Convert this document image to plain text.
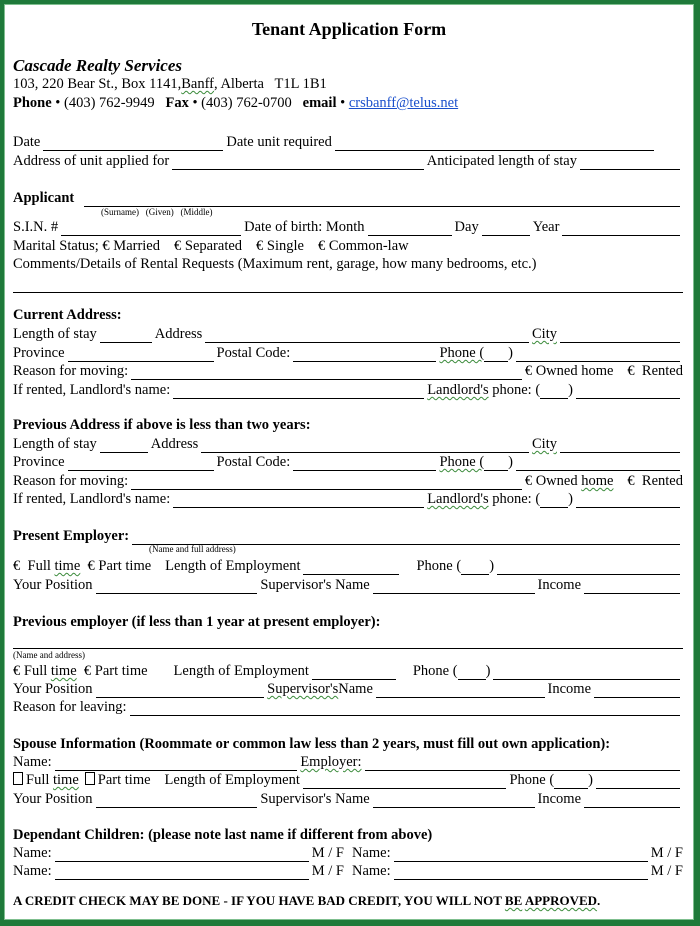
Tenant Application Form
Cascade Realty Services
103, 220 Bear St., Box 1141, Banff , Alberta   T1L 1B1
Phone • (403) 762-9949 Fax • (403) 762-0700 email • crsbanff@telus.net
Date	Date unit required
Address of unit applied for	Anticipated length of stay
Applicant
(Surname)   (Given)   (Middle)
S.I.N. #	Date of birth: Month	Day	Year
Marital Status; € Married € Separated € Single € Common-law
Comments/Details of Rental Requests (Maximum rent, garage, how many bedrooms, etc.)
Current Address:
Length of stay	Address	City
Province	Postal Code:	Phone ( )
Reason for moving:	€ Owned home €  Rented
If rented, Landlord's name:	Landlord's phone: ( )
Previous Address if above is less than two years:
Length of stay	Address	City
Province	Postal Code:	Phone ( )
Reason for moving:	€ Owned home €  Rented
If rented, Landlord's name:	Landlord's phone: ( )
Present Employer:
(Name and full address)
€  Full time € Part time Length of Employment	Phone ( )
Your Position	Supervisor's Name	Income
Previous employer (if less than 1 year at present employer):
(Name and address)
€ Full time € Part time Length of Employment	Phone ( )
Your Position	Supervisor's Name	Income
Reason for leaving:
Spouse Information (Roommate or common law less than 2 years, must fill out own application):
Name:	Employer:
Full time	Part time Length of Employment	Phone ( )
Your Position	Supervisor's Name	Income
Dependant Children: (please note last name if different from above)
Name:	M / F Name:	M / F
Name:	M / F Name:	M / F
A CREDIT CHECK MAY BE DONE - IF YOU HAVE BAD CREDIT, YOU WILL NOT BE APPROVED.
